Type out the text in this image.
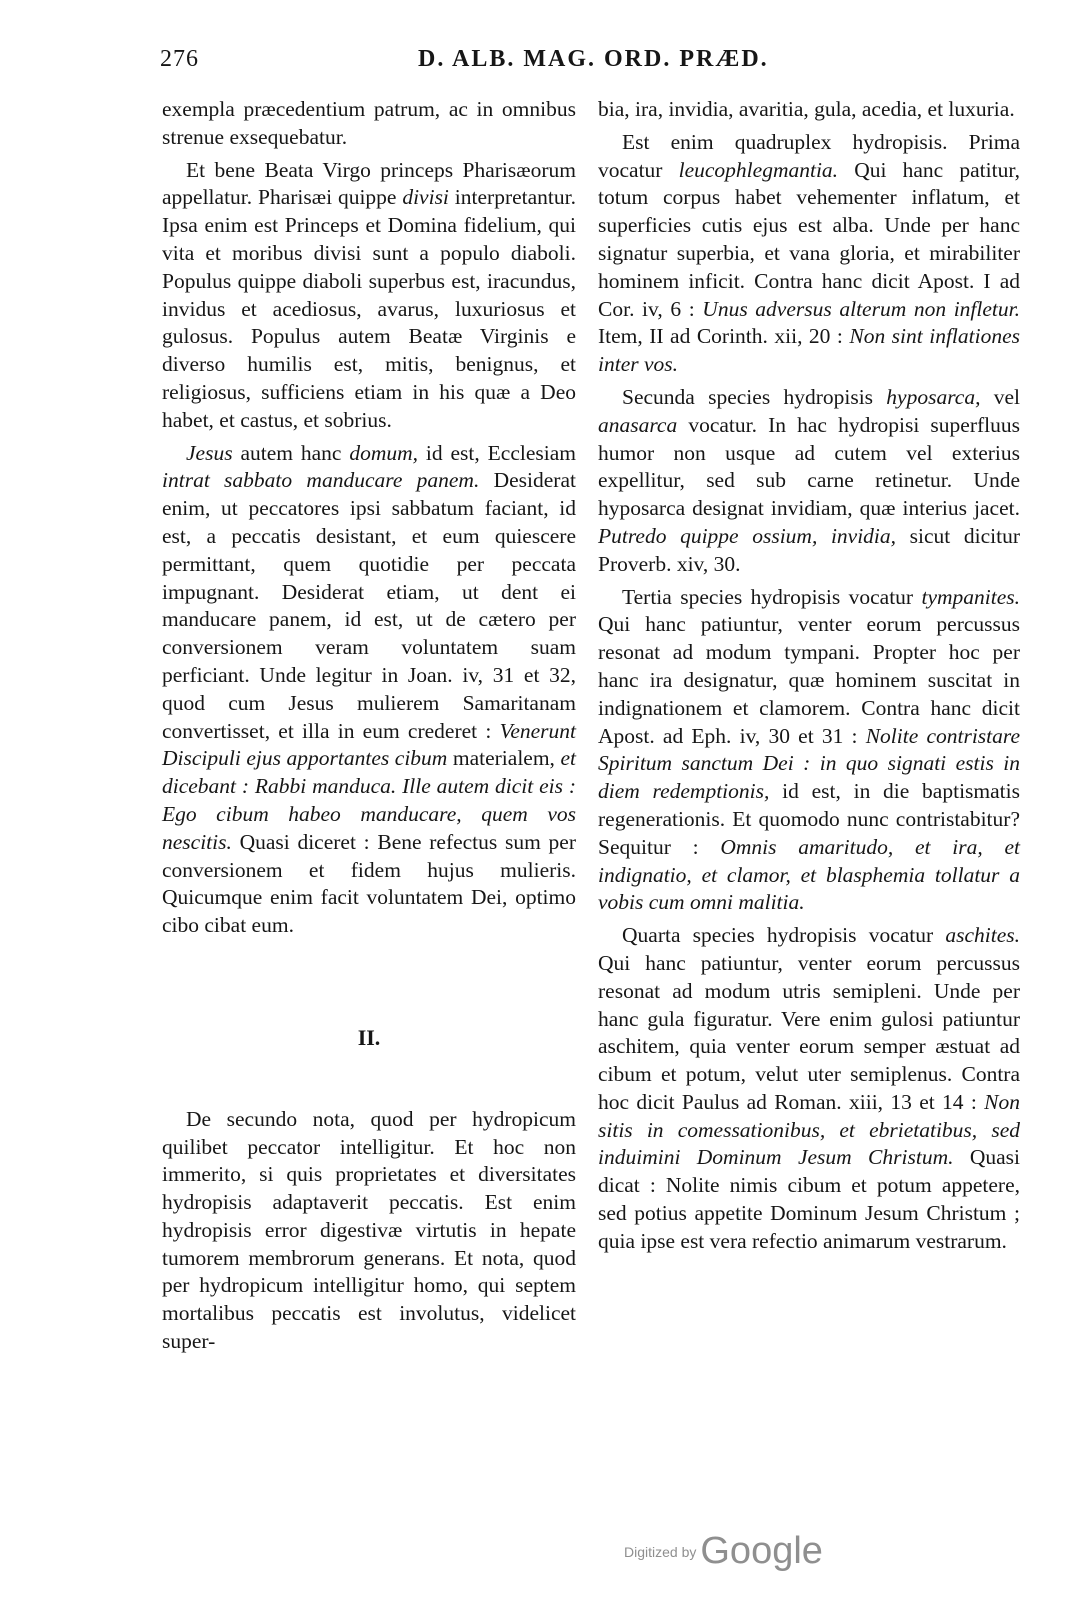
276	D. ALB. MAG. ORD. PRÆD.

exempla præcedentium patrum, ac in omnibus strenue exsequebatur.

Et bene Beata Virgo princeps Pharisæorum appellatur. Pharisæi quippe divisi interpretantur. Ipsa enim est Princeps et Domina fidelium, qui vita et moribus divisi sunt a populo diaboli. Populus quippe diaboli superbus est, iracundus, invidus et acediosus, avarus, luxuriosus et gulosus. Populus autem Beatæ Virginis e diverso humilis est, mitis, benignus, et religiosus, sufficiens etiam in his quæ a Deo habet, et castus, et sobrius.

Jesus autem hanc domum, id est, Ecclesiam intrat sabbato manducare panem. Desiderat enim, ut peccatores ipsi sabbatum faciant, id est, a peccatis desistant, et eum quiescere permittant, quem quotidie per peccata impugnant. Desiderat etiam, ut dent ei manducare panem, id est, ut de cætero per conversionem veram voluntatem suam perficiant. Unde legitur in Joan. iv, 31 et 32, quod cum Jesus mulierem Samaritanam convertisset, et illa in eum crederet : Venerunt Discipuli ejus apportantes cibum materialem, et dicebant : Rabbi manduca. Ille autem dicit eis : Ego cibum habeo manducare, quem vos nescitis. Quasi diceret : Bene refectus sum per conversionem et fidem hujus mulieris. Quicumque enim facit voluntatem Dei, optimo cibo cibat eum.

II.

De secundo nota, quod per hydropicum quilibet peccator intelligitur. Et hoc non immerito, si quis proprietates et diversitates hydropisis adaptaverit peccatis. Est enim hydropisis error digestivæ virtutis in hepate tumorem membrorum generans. Et nota, quod per hydropicum intelligitur homo, qui septem mortalibus peccatis est involutus, videlicet super-

bia, ira, invidia, avaritia, gula, acedia, et luxuria.

Est enim quadruplex hydropisis. Prima vocatur leucophlegmantia. Qui hanc patitur, totum corpus habet vehementer inflatum, et superficies cutis ejus est alba. Unde per hanc signatur superbia, et vana gloria, et mirabiliter hominem inficit. Contra hanc dicit Apost. I ad Cor. iv, 6 : Unus adversus alterum non infletur. Item, II ad Corinth. xii, 20 : Non sint inflationes inter vos.

Secunda species hydropisis hyposarca, vel anasarca vocatur. In hac hydropisi superfluus humor non usque ad cutem vel exterius expellitur, sed sub carne retinetur. Unde hyposarca designat invidiam, quæ interius jacet. Putredo quippe ossium, invidia, sicut dicitur Proverb. xiv, 30.

Tertia species hydropisis vocatur tympanites. Qui hanc patiuntur, venter eorum percussus resonat ad modum tympani. Propter hoc per hanc ira designatur, quæ hominem suscitat in indignationem et clamorem. Contra hanc dicit Apost. ad Eph. iv, 30 et 31 : Nolite contristare Spiritum sanctum Dei : in quo signati estis in diem redemptionis, id est, in die baptismatis regenerationis. Et quomodo nunc contristabitur? Sequitur : Omnis amaritudo, et ira, et indignatio, et clamor, et blasphemia tollatur a vobis cum omni malitia.

Quarta species hydropisis vocatur aschites. Qui hanc patiuntur, venter eorum percussus resonat ad modum utris semipleni. Unde per hanc gula figuratur. Vere enim gulosi patiuntur aschitem, quia venter eorum semper æstuat ad cibum et potum, velut uter semiplenus. Contra hoc dicit Paulus ad Roman. xiii, 13 et 14 : Non sitis in comessationibus, et ebrietatibus, sed induimini Dominum Jesum Christum. Quasi dicat : Nolite nimis cibum et potum appetere, sed potius appetite Dominum Jesum Christum ; quia ipse est vera refectio animarum vestrarum.

Digitized by Google
